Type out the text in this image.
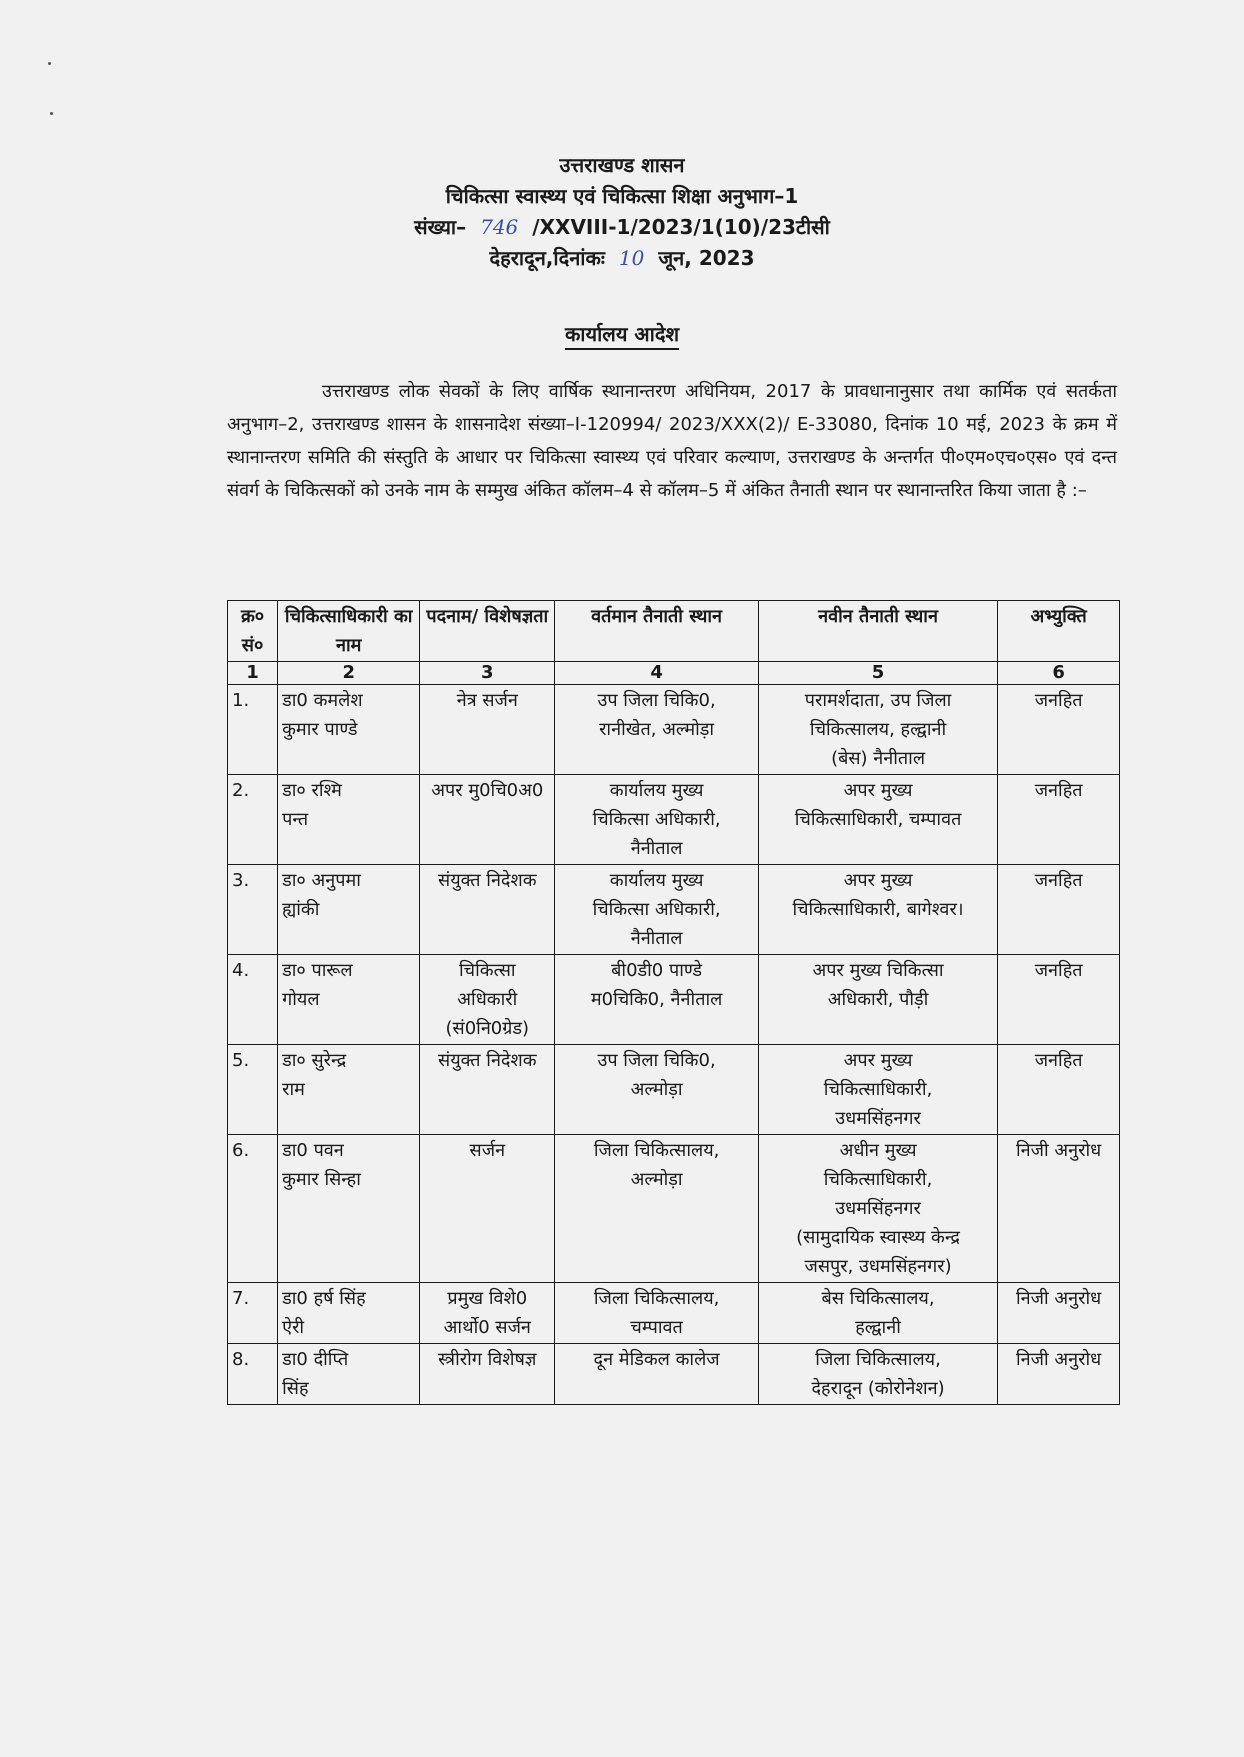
उत्तराखण्ड शासन
चिकित्सा स्वास्थ्य एवं चिकित्सा शिक्षा अनुभाग–1
संख्या– 746 /XXVIII-1/2023/1(10)/23टीसी
देहरादून,दिनांकः 10 जून, 2023
कार्यालय आदेश
उत्तराखण्ड लोक सेवकों के लिए वार्षिक स्थानान्तरण अधिनियम, 2017 के प्रावधानानुसार तथा कार्मिक एवं सतर्कता अनुभाग–2, उत्तराखण्ड शासन के शासनादेश संख्या–I-120994/ 2023/XXX(2)/ E-33080, दिनांक 10 मई, 2023 के क्रम में स्थानान्तरण समिति की संस्तुति के आधार पर चिकित्सा स्वास्थ्य एवं परिवार कल्याण, उत्तराखण्ड के अन्तर्गत पी०एम०एच०एस० एवं दन्त संवर्ग के चिकित्सकों को उनके नाम के सम्मुख अंकित कॉलम–4 से कॉलम–5 में अंकित तैनाती स्थान पर स्थानान्तरित किया जाता है :–
क्र० सं०	चिकित्साधिकारी का नाम	पदनाम/ विशेषज्ञता	वर्तमान तैनाती स्थान	नवीन तैनाती स्थान	अभ्युक्ति
1	2	3	4	5	6

1.	डा0 कमलेश
कुमार पाण्डे	नेत्र सर्जन	उप जिला चिकि0,
रानीखेत, अल्मोड़ा	परामर्शदाता, उप जिला
चिकित्सालय, हल्द्वानी
(बेस) नैनीताल	जनहित

2.	डा० रश्मि
पन्त	अपर मु0चि0अ0	कार्यालय मुख्य
चिकित्सा अधिकारी,
नैनीताल	अपर मुख्य
चिकित्साधिकारी, चम्पावत	जनहित

3.	डा० अनुपमा
ह्यांकी	संयुक्त निदेशक	कार्यालय मुख्य
चिकित्सा अधिकारी,
नैनीताल	अपर मुख्य
चिकित्साधिकारी, बागेश्वर।	जनहित

4.	डा० पारूल
गोयल	चिकित्सा
अधिकारी
(सं0नि0ग्रेड)	बी0डी0 पाण्डे
म0चिकि0, नैनीताल	अपर मुख्य चिकित्सा
अधिकारी, पौड़ी	जनहित

5.	डा० सुरेन्द्र
राम	संयुक्त निदेशक	उप जिला चिकि0,
अल्मोड़ा	अपर मुख्य
चिकित्साधिकारी,
उधमसिंहनगर	जनहित

6.	डा0 पवन
कुमार सिन्हा	सर्जन	जिला चिकित्सालय,
अल्मोड़ा	अधीन मुख्य
चिकित्साधिकारी,
उधमसिंहनगर
(सामुदायिक स्वास्थ्य केन्द्र
जसपुर, उधमसिंहनगर)	निजी अनुरोध

7.	डा0 हर्ष सिंह
ऐरी	प्रमुख विशे0
आर्थो0 सर्जन	जिला चिकित्सालय,
चम्पावत	बेस चिकित्सालय,
हल्द्वानी	निजी अनुरोध

8.	डा0 दीप्ति
सिंह	स्त्रीरोग विशेषज्ञ	दून मेडिकल कालेज	जिला चिकित्सालय,
देहरादून (कोरोनेशन)	निजी अनुरोध
